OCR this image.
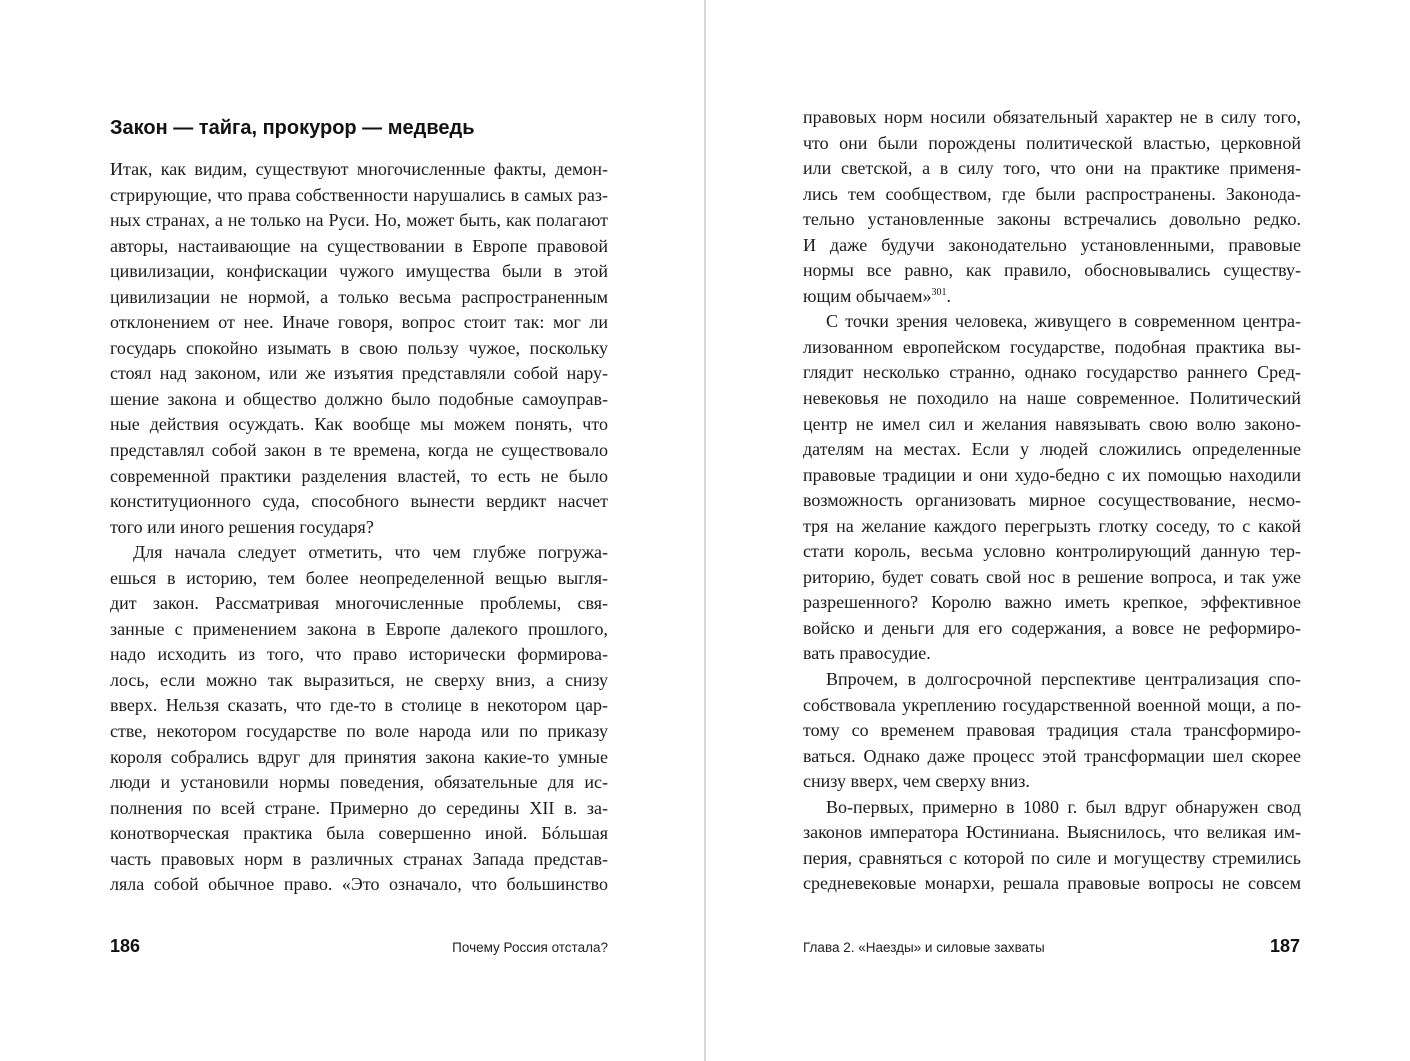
Закон — тайга, прокурор — медведь

Итак, как видим, существуют многочисленные факты, демон-

стрирующие, что права собственности нарушались в самых раз-

ных странах, а не только на Руси. Но, может быть, как полагают

авторы, настаивающие на существовании в Европе правовой

цивилизации, конфискации чужого имущества были в этой

цивилизации не нормой, а только весьма распространенным

отклонением от нее. Иначе говоря, вопрос стоит так: мог ли

государь спокойно изымать в свою пользу чужое, поскольку

стоял над законом, или же изъятия представляли собой нару-

шение закона и общество должно было подобные самоуправ-

ные действия осуждать. Как вообще мы можем понять, что

представлял собой закон в те времена, когда не существовало

современной практики разделения властей, то есть не было

конституционного суда, способного вынести вердикт насчет

того или иного решения государя?

Для начала следует отметить, что чем глубже погружа-

ешься в историю, тем более неопределенной вещью выгля-

дит закон. Рассматривая многочисленные проблемы, свя-

занные с применением закона в Европе далекого прошлого,

надо исходить из того, что право исторически формирова-

лось, если можно так выразиться, не сверху вниз, а снизу

вверх. Нельзя сказать, что где-то в столице в некотором цар-

стве, некотором государстве по воле народа или по приказу

короля собрались вдруг для принятия закона какие-то умные

люди и установили нормы поведения, обязательные для ис-

полнения по всей стране. Примерно до середины XII в. за-

конотворческая практика была совершенно иной. Бóльшая

часть правовых норм в различных странах Запада представ-

ляла собой обычное право. «Это означало, что большинство

186	Почему Россия отстала?

правовых норм носили обязательный характер не в силу того,

что они были порождены политической властью, церковной

или светской, а в силу того, что они на практике применя-

лись тем сообществом, где были распространены. Законода-

тельно установленные законы встречались довольно редко.

И даже будучи законодательно установленными, правовые

нормы все равно, как правило, обосновывались существу-

ющим обычаем»$^{301}$.

С точки зрения человека, живущего в современном центра-

лизованном европейском государстве, подобная практика вы-

глядит несколько странно, однако государство раннего Сред-

невековья не походило на наше современное. Политический

центр не имел сил и желания навязывать свою волю законо-

дателям на местах. Если у людей сложились определенные

правовые традиции и они худо-бедно с их помощью находили

возможность организовать мирное сосуществование, несмо-

тря на желание каждого перегрызть глотку соседу, то с какой

стати король, весьма условно контролирующий данную тер-

риторию, будет совать свой нос в решение вопроса, и так уже

разрешенного? Королю важно иметь крепкое, эффективное

войско и деньги для его содержания, а вовсе не реформиро-

вать правосудие.

Впрочем, в долгосрочной перспективе централизация спо-

собствовала укреплению государственной военной мощи, а по-

тому со временем правовая традиция стала трансформиро-

ваться. Однако даже процесс этой трансформации шел скорее

снизу вверх, чем сверху вниз.

Во-первых, примерно в 1080 г. был вдруг обнаружен свод

законов императора Юстиниана. Выяснилось, что великая им-

перия, сравняться с которой по силе и могуществу стремились

средневековые монархи, решала правовые вопросы не совсем

Глава 2. «Наезды» и силовые захваты	187
